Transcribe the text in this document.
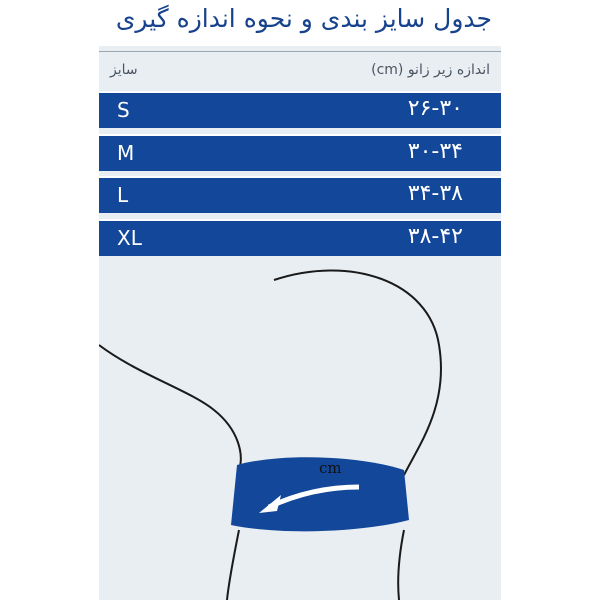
جدول سایز بندی و نحوه اندازه گیری
سایز	اندازه زیر زانو (cm)
S	۲۶-۳۰
M	۳۰-۳۴
L	۳۴-۳۸
XL	۳۸-۴۲
cm
